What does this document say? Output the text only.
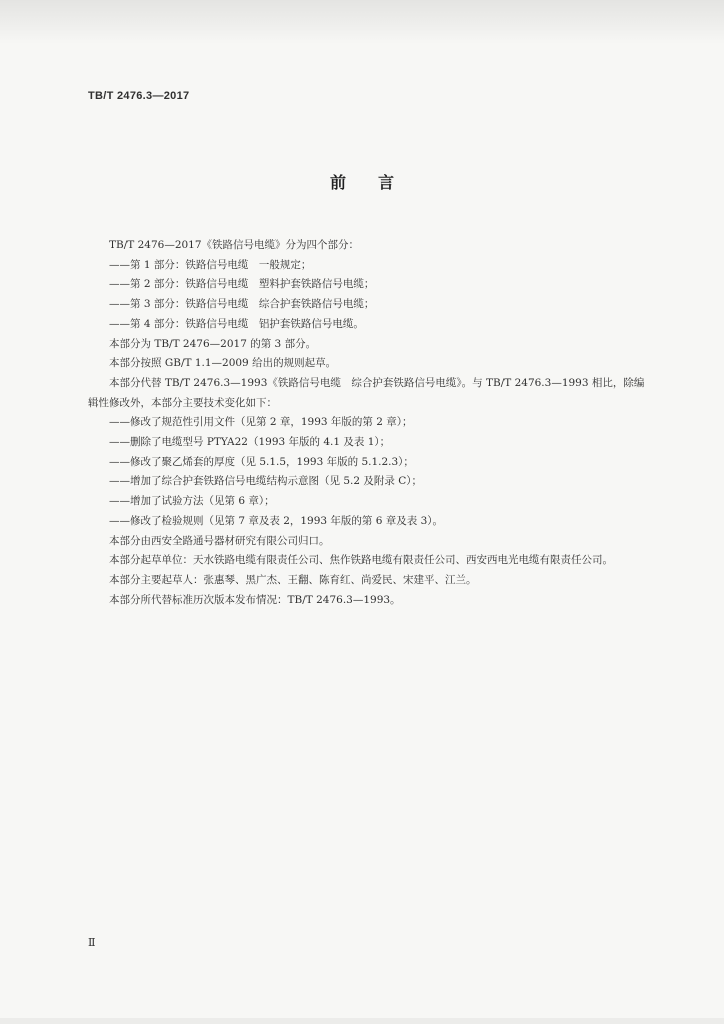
TB/T 2476.3—2017
前言

TB/T 2476—2017《铁路信号电缆》分为四个部分：

——第 1 部分：铁路信号电缆　一般规定；

——第 2 部分：铁路信号电缆　塑料护套铁路信号电缆；

——第 3 部分：铁路信号电缆　综合护套铁路信号电缆；

——第 4 部分：铁路信号电缆　铝护套铁路信号电缆。

本部分为 TB/T 2476—2017 的第 3 部分。

本部分按照 GB/T 1.1—2009 给出的规则起草。

本部分代替 TB/T 2476.3—1993《铁路信号电缆　综合护套铁路信号电缆》。与 TB/T 2476.3—1993 相比，除编辑性修改外，本部分主要技术变化如下：

——修改了规范性引用文件（见第 2 章，1993 年版的第 2 章）；

——删除了电缆型号 PTYA22（1993 年版的 4.1 及表 1）；

——修改了聚乙烯套的厚度（见 5.1.5，1993 年版的 5.1.2.3）；

——增加了综合护套铁路信号电缆结构示意图（见 5.2 及附录 C）；

——增加了试验方法（见第 6 章）；

——修改了检验规则（见第 7 章及表 2，1993 年版的第 6 章及表 3）。

本部分由西安全路通号器材研究有限公司归口。

本部分起草单位：天水铁路电缆有限责任公司、焦作铁路电缆有限责任公司、西安西电光电缆有限责任公司。

本部分主要起草人：张惠琴、黑广杰、王翻、陈育红、尚爱民、宋建平、江兰。

本部分所代替标准历次版本发布情况：TB/T 2476.3—1993。

Ⅱ
